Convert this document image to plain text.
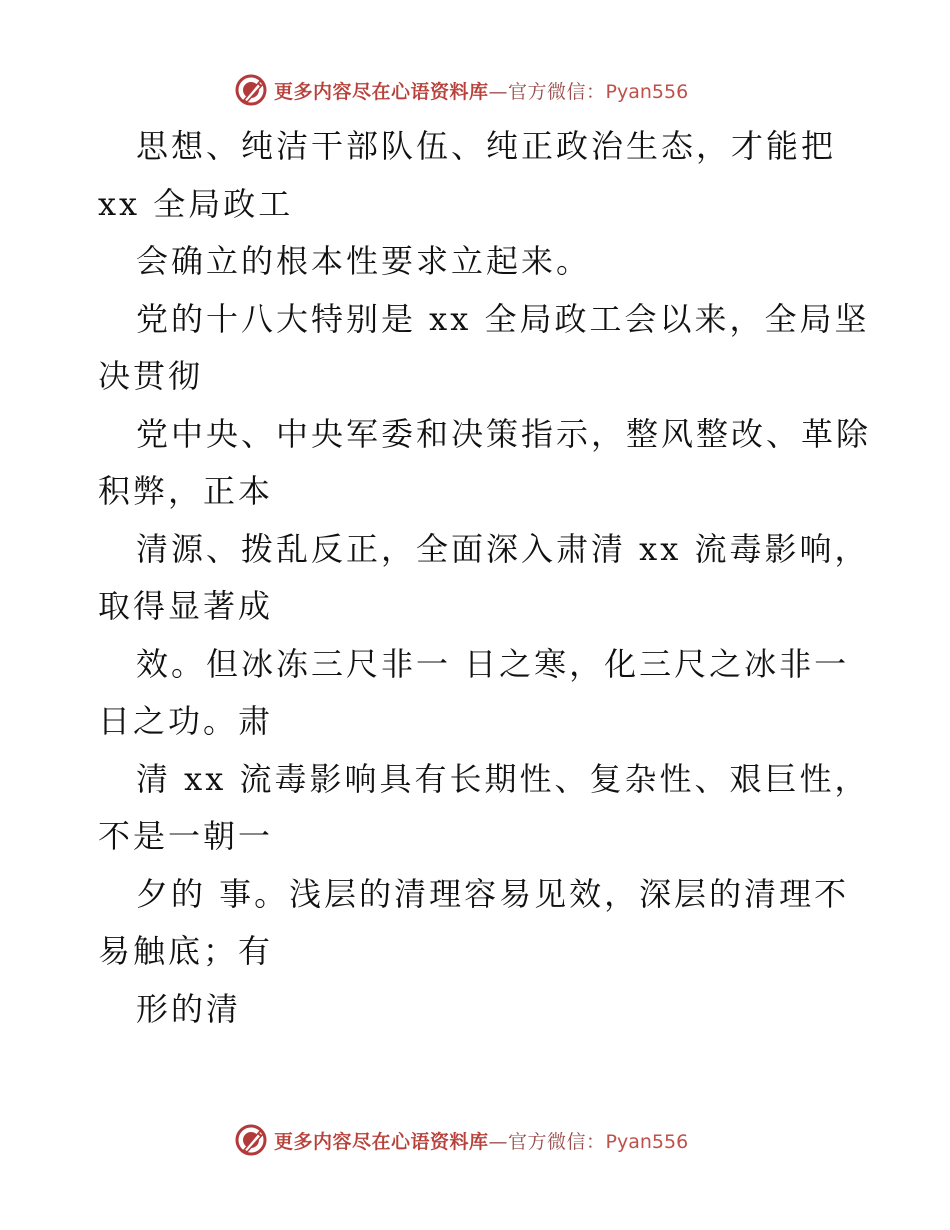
更多内容尽在心语资料库—官方微信：Pyan556
思想、纯洁干部队伍、纯正政治生态，才能把
xx 全局政工
会确立的根本性要求立起来。
党的十八大特别是 xx 全局政工会以来，全局坚
决贯彻
党中央、中央军委和决策指示，整风整改、革除
积弊，正本
清源、拨乱反正，全面深入肃清 xx 流毒影响，
取得显著成
效。但冰冻三尺非一 日之寒，化三尺之冰非一
日之功。肃
清 xx 流毒影响具有长期性、复杂性、艰巨性，
不是一朝一
夕的 事。浅层的清理容易见效，深层的清理不
易触底；有
形的清
更多内容尽在心语资料库—官方微信：Pyan556
